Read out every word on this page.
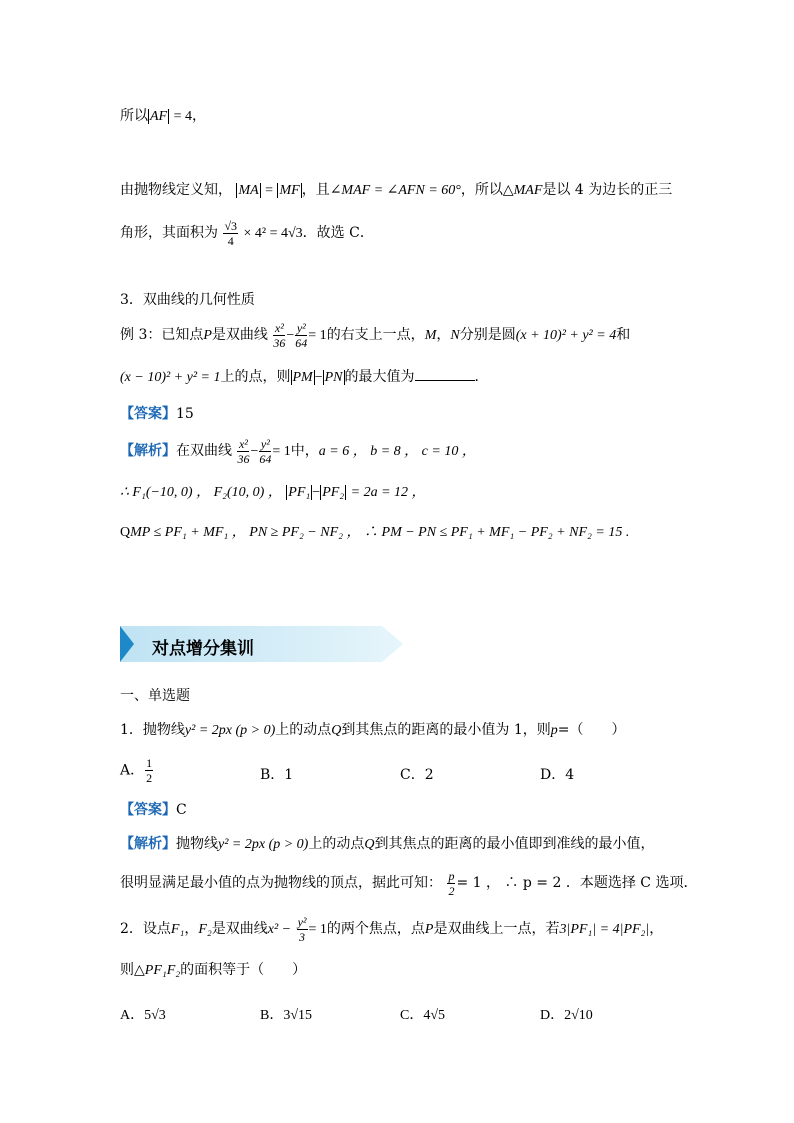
所以 AF = 4，
由抛物线定义知， MA = MF ，且∠MAF = ∠AFN = 60°，所以△MAF是以 4 为边长的正三
角形，其面积为 $\frac{√3}{4} \times 4^2 = 4√3$．故选 C．
3．双曲线的几何性质
例 3：已知点P是双曲线 $\frac{\text{x²}}{36} - \frac{\text{y²}}{64} = 1$的右支上一点，M，N分别是圆(x + 10)² + y² = 4和
(x − 10)² + y² = 1上的点，则 PM − PN 的最大值为	．
【答案】15
【解析】在双曲线 $\frac{\text{x²}}{36} - \frac{\text{y²}}{64} = 1$中，a = 6 ， b = 8 ， c = 10 ，
∴ F₁(−10, 0) ， F₂(10, 0) ， PF₁ − PF₂ = 2a = 12 ，
QMP ≤ PF₁ + MF₁ ， PN ≥ PF₂ − NF₂ ， ∴ PM − PN ≤ PF₁ + MF₁ − PF₂ + NF₂ = 15 .
对点增分集训
一、单选题
1．抛物线y² = 2px (p > 0)上的动点Q到其焦点的距离的最小值为 1，则p=（　　）
A． $\frac{1}{2}$	B．1	C．2	D．4
【答案】C
【解析】抛物线y² = 2px (p > 0)上的动点Q到其焦点的距离的最小值即到准线的最小值，
很明显满足最小值的点为抛物线的顶点，据此可知： $\frac{p}{2} = 1$ ， ∴ p = 2 ．本题选择 C 选项．
2．设点F₁，F₂是双曲线$x^2 - \frac{\text{y²}}{3} = 1$的两个焦点，点P是双曲线上一点，若3|PF₁| = 4|PF₂|，
则△PF₁F₂的面积等于（　　）
A．5√3	B．3√15	C．4√5	D．2√10
